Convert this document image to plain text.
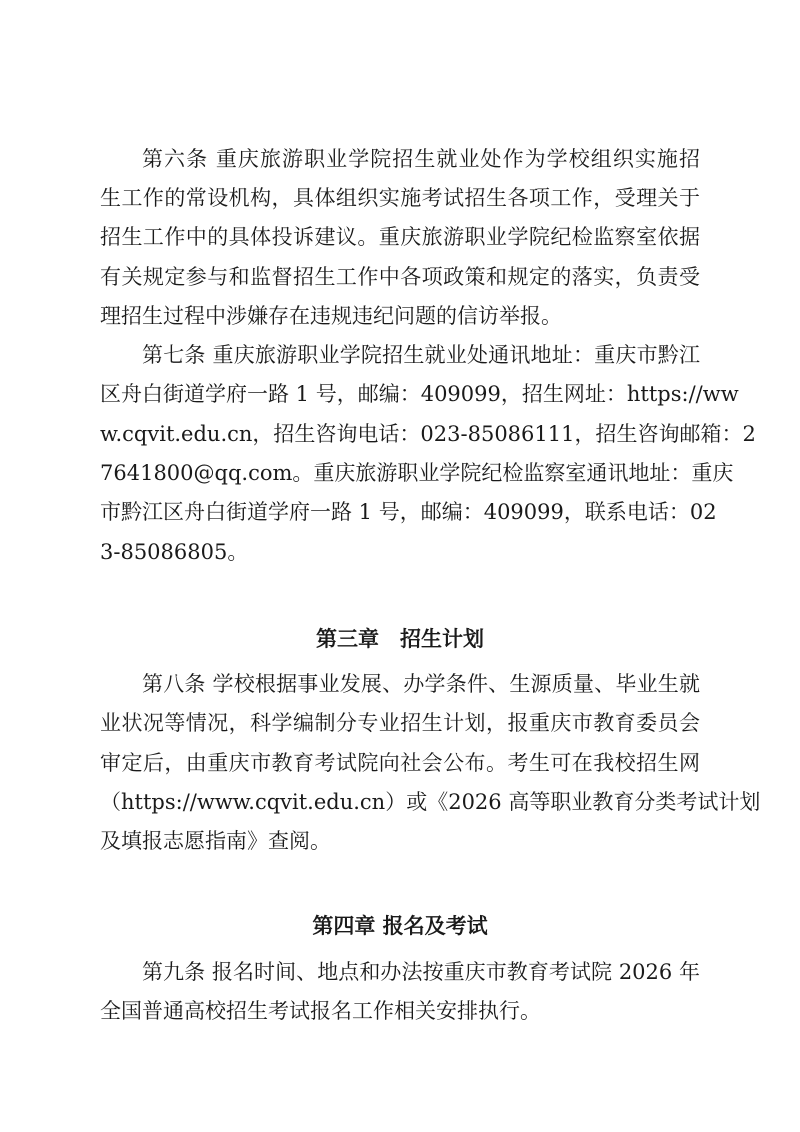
第六条 重庆旅游职业学院招生就业处作为学校组织实施招
生工作的常设机构，具体组织实施考试招生各项工作，受理关于
招生工作中的具体投诉建议。重庆旅游职业学院纪检监察室依据
有关规定参与和监督招生工作中各项政策和规定的落实，负责受
理招生过程中涉嫌存在违规违纪问题的信访举报。
第七条 重庆旅游职业学院招生就业处通讯地址：重庆市黔江
区舟白街道学府一路 1 号，邮编：409099，招生网址：https://ww
w.cqvit.edu.cn，招生咨询电话：023-85086111，招生咨询邮箱：2
7641800@qq.com。重庆旅游职业学院纪检监察室通讯地址：重庆
市黔江区舟白街道学府一路 1 号，邮编：409099，联系电话：02
3-85086805。
第三章　招生计划
第八条 学校根据事业发展、办学条件、生源质量、毕业生就
业状况等情况，科学编制分专业招生计划，报重庆市教育委员会
审定后，由重庆市教育考试院向社会公布。考生可在我校招生网
（https://www.cqvit.edu.cn）或《2026 高等职业教育分类考试计划
及填报志愿指南》查阅。
第四章 报名及考试
第九条 报名时间、地点和办法按重庆市教育考试院 2026 年
全国普通高校招生考试报名工作相关安排执行。
